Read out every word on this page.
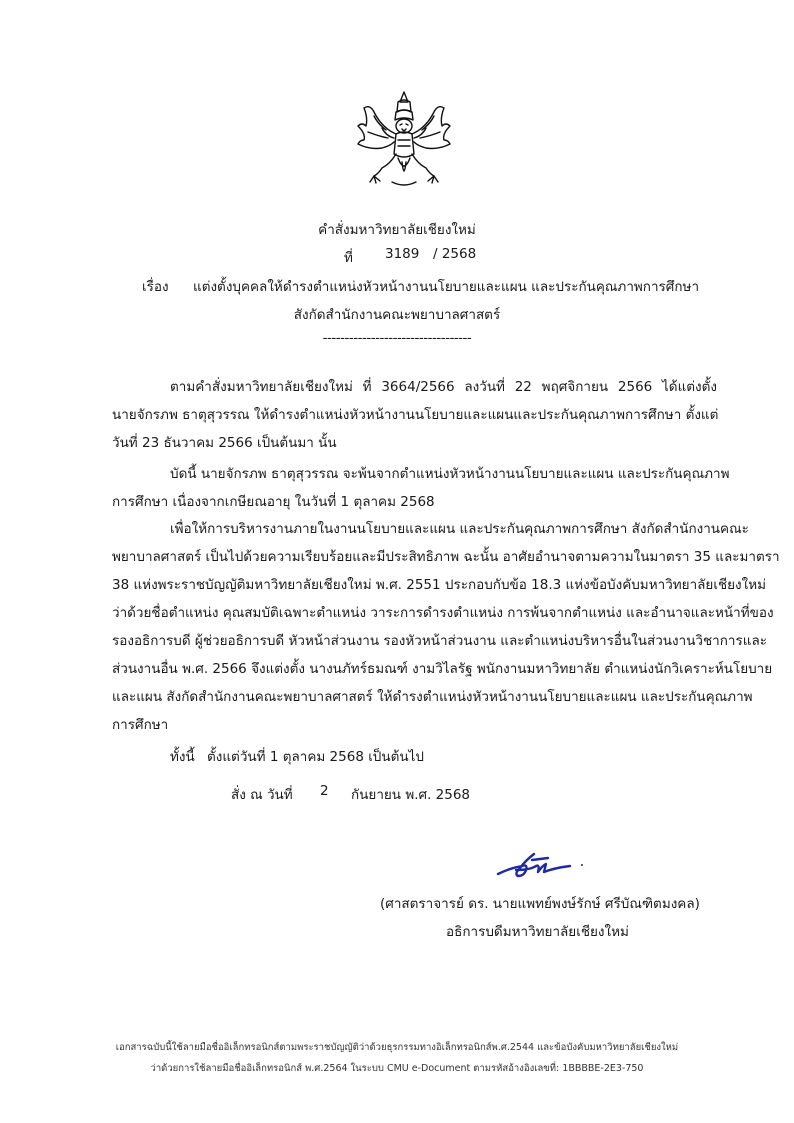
คำสั่งมหาวิทยาลัยเชียงใหม่
ที่ 3189 / 2568
เรื่อง แต่งตั้งบุคคลให้ดำรงตำแหน่งหัวหน้างานนโยบายและแผน และประกันคุณภาพการศึกษา
สังกัดสำนักงานคณะพยาบาลศาสตร์
----------------------------------
ตามคำสั่งมหาวิทยาลัยเชียงใหม่ ที่ 3664/2566 ลงวันที่ 22 พฤศจิกายน 2566 ได้แต่งตั้ง
นายจักรภพ ธาตุสุวรรณ ให้ดำรงตำแหน่งหัวหน้างานนโยบายและแผนและประกันคุณภาพการศึกษา ตั้งแต่
วันที่ 23 ธันวาคม 2566 เป็นต้นมา นั้น
บัดนี้ นายจักรภพ ธาตุสุวรรณ จะพ้นจากตำแหน่งหัวหน้างานนโยบายและแผน และประกันคุณภาพ
การศึกษา เนื่องจากเกษียณอายุ ในวันที่ 1 ตุลาคม 2568
เพื่อให้การบริหารงานภายในงานนโยบายและแผน และประกันคุณภาพการศึกษา สังกัดสำนักงานคณะ
พยาบาลศาสตร์ เป็นไปด้วยความเรียบร้อยและมีประสิทธิภาพ ฉะนั้น อาศัยอำนาจตามความในมาตรา 35 และมาตรา
38 แห่งพระราชบัญญัติมหาวิทยาลัยเชียงใหม่ พ.ศ. 2551 ประกอบกับข้อ 18.3 แห่งข้อบังคับมหาวิทยาลัยเชียงใหม่
ว่าด้วยชื่อตำแหน่ง คุณสมบัติเฉพาะตำแหน่ง วาระการดำรงตำแหน่ง การพ้นจากตำแหน่ง และอำนาจและหน้าที่ของ
รองอธิการบดี ผู้ช่วยอธิการบดี หัวหน้าส่วนงาน รองหัวหน้าส่วนงาน และตำแหน่งบริหารอื่นในส่วนงานวิชาการและ
ส่วนงานอื่น พ.ศ. 2566 จึงแต่งตั้ง นางนภัทร์ธมณฑ์ งามวิไลรัฐ พนักงานมหาวิทยาลัย ตำแหน่งนักวิเคราะห์นโยบาย
และแผน สังกัดสำนักงานคณะพยาบาลศาสตร์ ให้ดำรงตำแหน่งหัวหน้างานนโยบายและแผน และประกันคุณภาพ
การศึกษา
ทั้งนี้ ตั้งแต่วันที่ 1 ตุลาคม 2568 เป็นต้นไป
สั่ง ณ วันที่ 2 กันยายน พ.ศ. 2568
(ศาสตราจารย์ ดร. นายแพทย์พงษ์รักษ์ ศรีบัณฑิตมงคล)
อธิการบดีมหาวิทยาลัยเชียงใหม่
เอกสารฉบับนี้ใช้ลายมือชื่ออิเล็กทรอนิกส์ตามพระราชบัญญัติว่าด้วยธุรกรรมทางอิเล็กทรอนิกส์พ.ศ.2544 และข้อบังคับมหาวิทยาลัยเชียงใหม่
ว่าด้วยการใช้ลายมือชื่ออิเล็กทรอนิกส์ พ.ศ.2564 ในระบบ CMU e-Document ตามรหัสอ้างอิงเลขที่: 1BBBBE-2E3-750
